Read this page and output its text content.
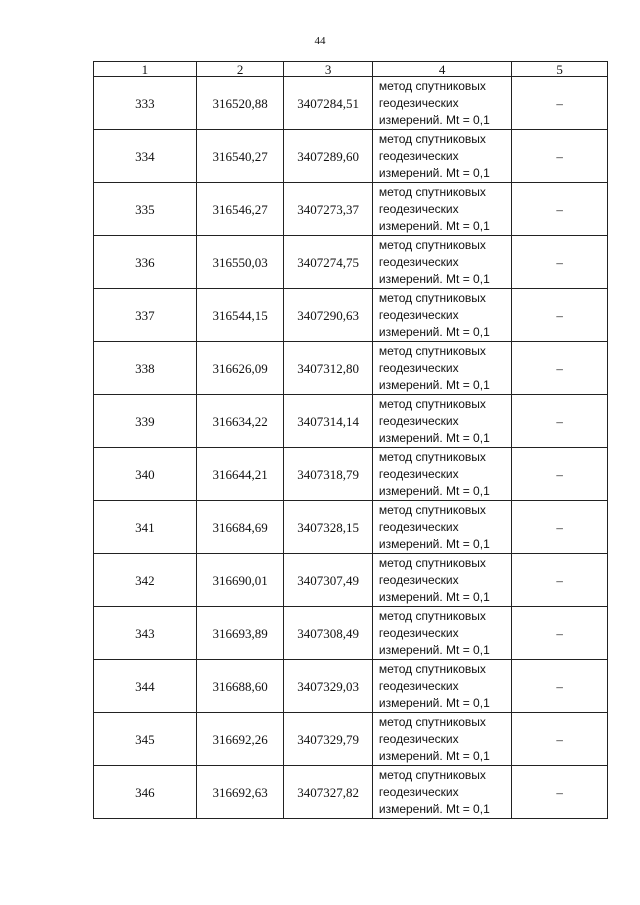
44
1	2	3	4	5
333	316520,88	3407284,51	метод спутниковых
геодезических
измерений. Mt = 0,1	–
334	316540,27	3407289,60	метод спутниковых
геодезических
измерений. Mt = 0,1	–
335	316546,27	3407273,37	метод спутниковых
геодезических
измерений. Mt = 0,1	–
336	316550,03	3407274,75	метод спутниковых
геодезических
измерений. Mt = 0,1	–
337	316544,15	3407290,63	метод спутниковых
геодезических
измерений. Mt = 0,1	–
338	316626,09	3407312,80	метод спутниковых
геодезических
измерений. Mt = 0,1	–
339	316634,22	3407314,14	метод спутниковых
геодезических
измерений. Mt = 0,1	–
340	316644,21	3407318,79	метод спутниковых
геодезических
измерений. Mt = 0,1	–
341	316684,69	3407328,15	метод спутниковых
геодезических
измерений. Mt = 0,1	–
342	316690,01	3407307,49	метод спутниковых
геодезических
измерений. Mt = 0,1	–
343	316693,89	3407308,49	метод спутниковых
геодезических
измерений. Mt = 0,1	–
344	316688,60	3407329,03	метод спутниковых
геодезических
измерений. Mt = 0,1	–
345	316692,26	3407329,79	метод спутниковых
геодезических
измерений. Mt = 0,1	–
346	316692,63	3407327,82	метод спутниковых
геодезических
измерений. Mt = 0,1	–
